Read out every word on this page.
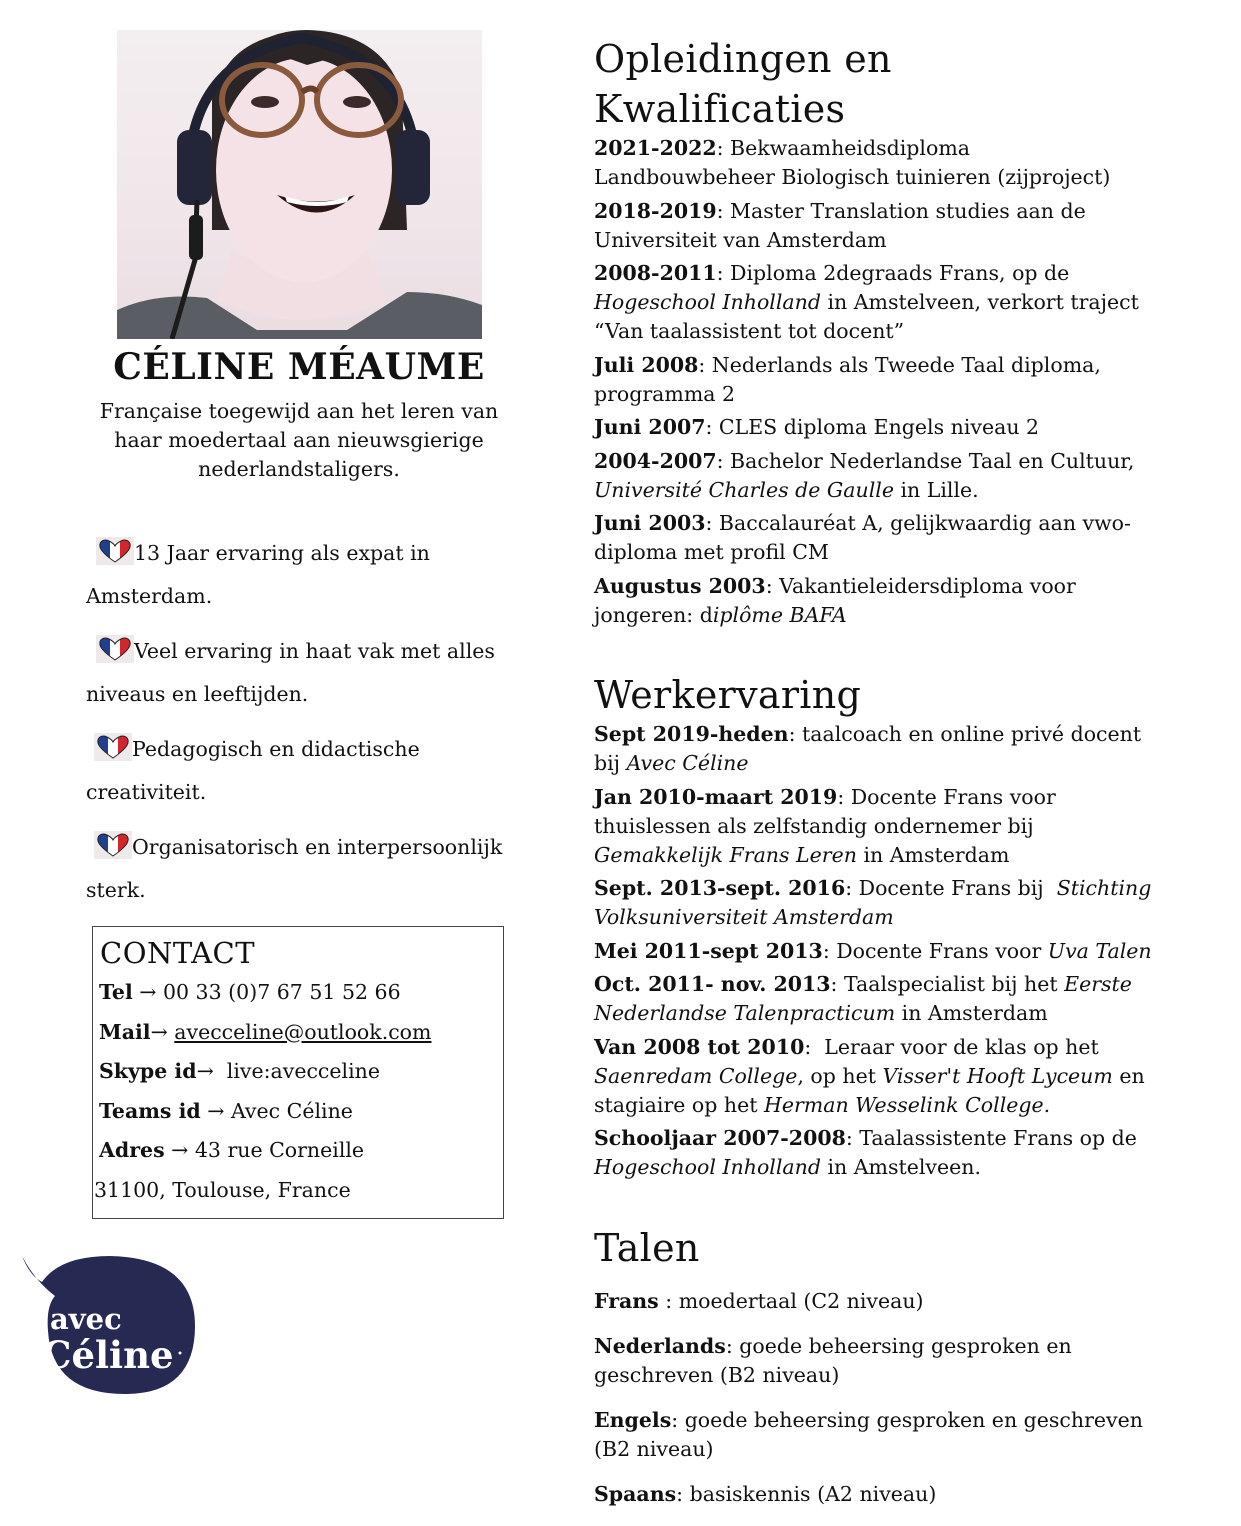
CÉLINE MÉAUME
Française toegewijd aan het leren van haar moedertaal aan nieuwsgierige nederlandstaligers.
13 Jaar ervaring als expat in Amsterdam.
Veel ervaring in haat vak met alles niveaus en leeftijden.
Pedagogisch en didactische creativiteit.
Organisatorisch en interpersoonlijk sterk.
CONTACT
Tel → 00 33 (0)7 67 51 52 66
Mail→ avecceline@outlook.com
Skype id→  live:avecceline
Teams id → Avec Céline
Adres → 43 rue Corneille
31100, Toulouse, France
avec
Céline
Opleidingen en Kwalificaties
2021-2022: Bekwaamheidsdiploma Landbouwbeheer Biologisch tuinieren (zijproject)
2018-2019: Master Translation studies aan de Universiteit van Amsterdam
2008-2011: Diploma 2degraads Frans, op de Hogeschool Inholland in Amstelveen, verkort traject “Van taalassistent tot docent”
Juli 2008: Nederlands als Tweede Taal diploma, programma 2
Juni 2007: CLES diploma Engels niveau 2
2004-2007: Bachelor Nederlandse Taal en Cultuur, Université Charles de Gaulle in Lille.
Juni 2003: Baccalauréat A, gelijkwaardig aan vwo-diploma met profil CM
Augustus 2003: Vakantieleidersdiploma voor jongeren: diplôme BAFA
Werkervaring
Sept 2019-heden: taalcoach en online privé docent bij Avec Céline
Jan 2010-maart 2019: Docente Frans voor thuislessen als zelfstandig ondernemer bij Gemakkelijk Frans Leren in Amsterdam
Sept. 2013-sept. 2016: Docente Frans bij  Stichting Volksuniversiteit Amsterdam
Mei 2011-sept 2013: Docente Frans voor Uva Talen
Oct. 2011- nov. 2013: Taalspecialist bij het Eerste Nederlandse Talenpracticum in Amsterdam
Van 2008 tot 2010:  Leraar voor de klas op het Saenredam College, op het Visser't Hooft Lyceum en stagiaire op het Herman Wesselink College.
Schooljaar 2007-2008: Taalassistente Frans op de Hogeschool Inholland in Amstelveen.
Talen
Frans : moedertaal (C2 niveau)
Nederlands: goede beheersing gesproken en geschreven (B2 niveau)
Engels: goede beheersing gesproken en geschreven (B2 niveau)
Spaans: basiskennis (A2 niveau)
